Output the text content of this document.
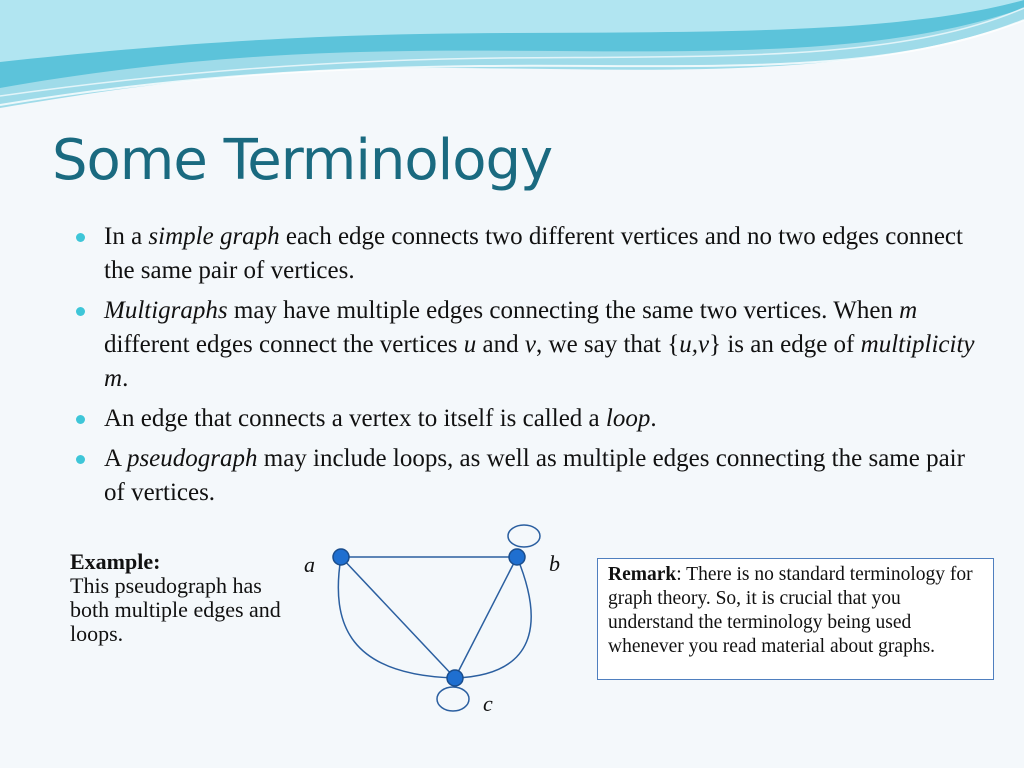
Some Terminology
In a simple graph each edge connects two different vertices and no two edges connect the same pair of vertices.
Multigraphs may have multiple edges connecting the same two vertices. When m different edges connect the vertices u and v, we say that {u,v} is an edge of multiplicity m.
An edge that connects a vertex to itself is called a loop.
A pseudograph may include loops, as well as multiple edges connecting the same pair of vertices.
Example:
This pseudograph has both multiple edges and loops.
a	b
c
Remark: There is no standard terminology for graph theory. So, it is crucial that you understand the terminology being used whenever you read material about graphs.
